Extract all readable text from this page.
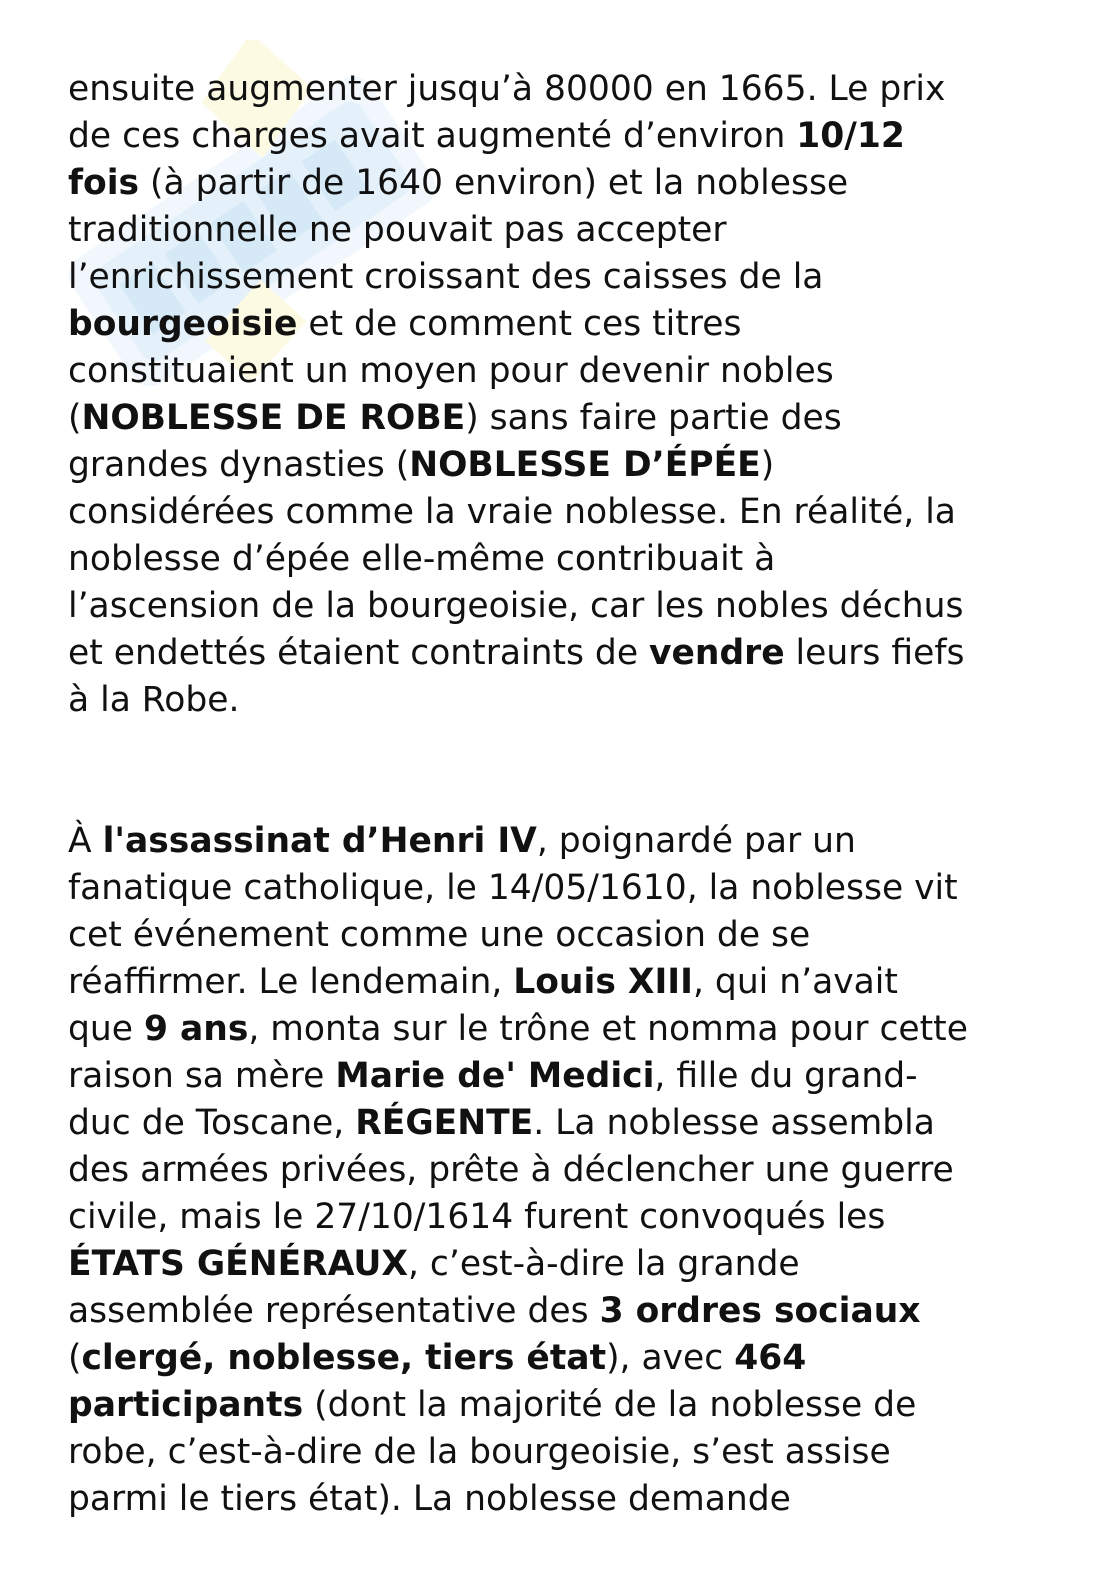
ensuite augmenter jusqu’à 80000 en 1665. Le prix
de ces charges avait augmenté d’environ 10/12
fois (à partir de 1640 environ) et la noblesse
traditionnelle ne pouvait pas accepter
l’enrichissement croissant des caisses de la
bourgeoisie et de comment ces titres
constituaient un moyen pour devenir nobles
(NOBLESSE DE ROBE) sans faire partie des
grandes dynasties (NOBLESSE D’ÉPÉE)
considérées comme la vraie noblesse. En réalité, la
noblesse d’épée elle-même contribuait à
l’ascension de la bourgeoisie, car les nobles déchus
et endettés étaient contraints de vendre leurs fiefs
à la Robe.
À l'assassinat d’Henri IV, poignardé par un
fanatique catholique, le 14/05/1610, la noblesse vit
cet événement comme une occasion de se
réaffirmer. Le lendemain, Louis XIII, qui n’avait
que 9 ans, monta sur le trône et nomma pour cette
raison sa mère Marie de' Medici, fille du grand-
duc de Toscane, RÉGENTE. La noblesse assembla
des armées privées, prête à déclencher une guerre
civile, mais le 27/10/1614 furent convoqués les
ÉTATS GÉNÉRAUX, c’est-à-dire la grande
assemblée représentative des 3 ordres sociaux
(clergé, noblesse, tiers état), avec 464
participants (dont la majorité de la noblesse de
robe, c’est-à-dire de la bourgeoisie, s’est assise
parmi le tiers état). La noblesse demande
